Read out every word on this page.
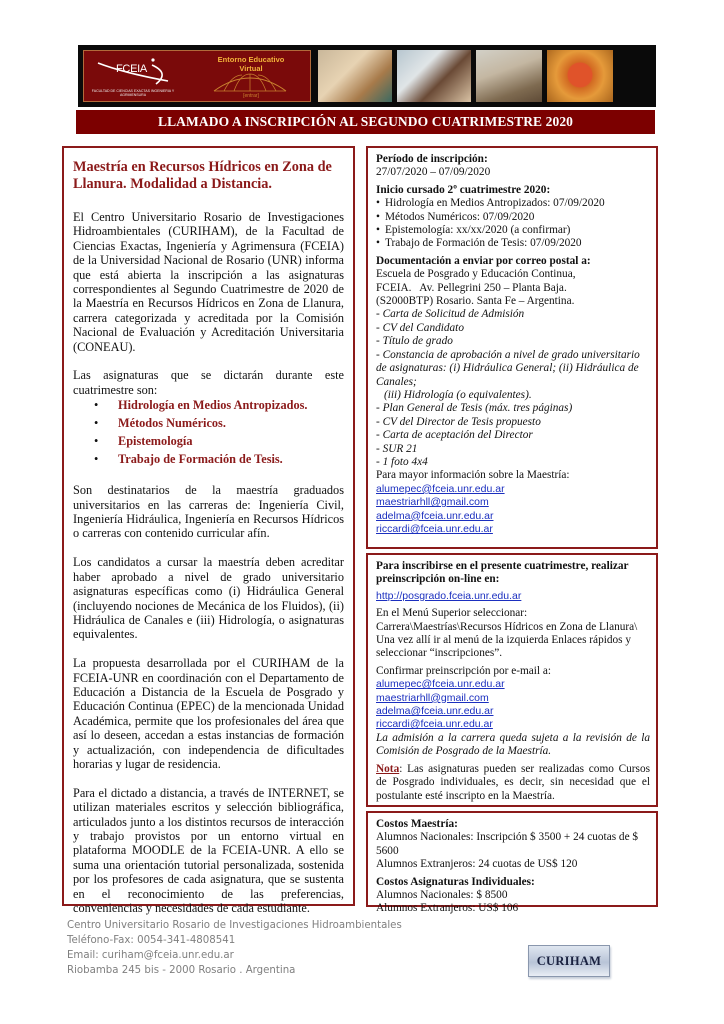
FCEIA
FACULTAD DE CIENCIAS EXACTAS INGENIERIA Y AGRIMENSURA
Entorno Educativo
Virtual
[entrar]
LLAMADO A INSCRIPCIÓN AL SEGUNDO CUATRIMESTRE 2020
Maestría en Recursos Hídricos en Zona de Llanura. Modalidad a Distancia.

El Centro Universitario Rosario de Investigaciones Hidroambientales (CURIHAM), de la Facultad de Ciencias Exactas, Ingeniería y Agrimensura (FCEIA) de la Universidad Nacional de Rosario (UNR) informa que está abierta la inscripción a las asignaturas correspondientes al Segundo Cuatrimestre de 2020 de la Maestría en Recursos Hídricos en Zona de Llanura, carrera categorizada y acreditada por la Comisión Nacional de Evaluación y Acreditación Universitaria (CONEAU).

Las asignaturas que se dictarán durante este cuatrimestre son:

• Hidrología en Medios Antropizados.
• Métodos Numéricos.
• Epistemología
• Trabajo de Formación de Tesis.

Son destinatarios de la maestría graduados universitarios en las carreras de: Ingeniería Civil, Ingeniería Hidráulica, Ingeniería en Recursos Hídricos o carreras con contenido curricular afín.

Los candidatos a cursar la maestría deben acreditar haber aprobado a nivel de grado universitario asignaturas específicas como (i) Hidráulica General (incluyendo nociones de Mecánica de los Fluidos), (ii) Hidráulica de Canales e (iii) Hidrología, o asignaturas equivalentes.

La propuesta desarrollada por el CURIHAM de la FCEIA-UNR en coordinación con el Departamento de Educación a Distancia de la Escuela de Posgrado y Educación Continua (EPEC) de la mencionada Unidad Académica, permite que los profesionales del área que así lo deseen, accedan a estas instancias de formación y actualización, con independencia de dificultades horarias y lugar de residencia.

Para el dictado a distancia, a través de INTERNET, se utilizan materiales escritos y selección bibliográfica, articulados junto a los distintos recursos de interacción y trabajo provistos por un entorno virtual en plataforma MOODLE de la FCEIA-UNR. A ello se suma una orientación tutorial personalizada, sostenida por los profesores de cada asignatura, que se sustenta en el reconocimiento de las preferencias, conveniencias y necesidades de cada estudiante.

Período de inscripción:
27/07/2020 – 07/09/2020
Inicio cursado 2º cuatrimestre 2020:
• Hidrología en Medios Antropizados: 07/09/2020
• Métodos Numéricos: 07/09/2020
• Epistemología: xx/xx/2020 (a confirmar)
• Trabajo de Formación de Tesis: 07/09/2020
Documentación a enviar por correo postal a:
Escuela de Posgrado y Educación Continua,
FCEIA.   Av. Pellegrini 250 – Planta Baja.
(S2000BTP) Rosario. Santa Fe – Argentina.
- Carta de Solicitud de Admisión
- CV del Candidato
- Título de grado
- Constancia de aprobación a nivel de grado universitario de asignaturas: (i) Hidráulica General; (ii) Hidráulica de Canales;
(iii) Hidrología (o equivalentes).
- Plan General de Tesis (máx. tres páginas)
- CV del Director de Tesis propuesto
- Carta de aceptación del Director
- SUR 21
- 1 foto 4x4
Para mayor información sobre la Maestría:
alumepec@fceia.unr.edu.ar
maestriarhll@gmail.com
adelma@fceia.unr.edu.ar
riccardi@fceia.unr.edu.ar
Para inscribirse en el presente cuatrimestre, realizar preinscripción on-line en:
http://posgrado.fceia.unr.edu.ar
En el Menú Superior seleccionar: Carrera\Maestrías\Recursos Hídricos en Zona de Llanura\ Una vez allí ir al menú de la izquierda Enlaces rápidos y seleccionar “inscripciones”.
Confirmar preinscripción por e-mail a:
alumepec@fceia.unr.edu.ar
maestriarhll@gmail.com
adelma@fceia.unr.edu.ar
riccardi@fceia.unr.edu.ar
La admisión a la carrera queda sujeta a la revisión de la Comisión de Posgrado de la Maestría.
Nota: Las asignaturas pueden ser realizadas como Cursos de Posgrado individuales, es decir, sin necesidad que el postulante esté inscripto en la Maestría.
Costos Maestría:
Alumnos Nacionales: Inscripción $ 3500 + 24 cuotas de $ 5600
Alumnos Extranjeros: 24 cuotas de US$ 120
Costos Asignaturas Individuales:
Alumnos Nacionales: $ 8500
Alumnos Extranjeros: US$ 106
Centro Universitario Rosario de Investigaciones Hidroambientales
Teléfono-Fax: 0054-341-4808541
Email: curiham@fceia.unr.edu.ar
Riobamba 245 bis - 2000 Rosario . Argentina
CURIHAM
